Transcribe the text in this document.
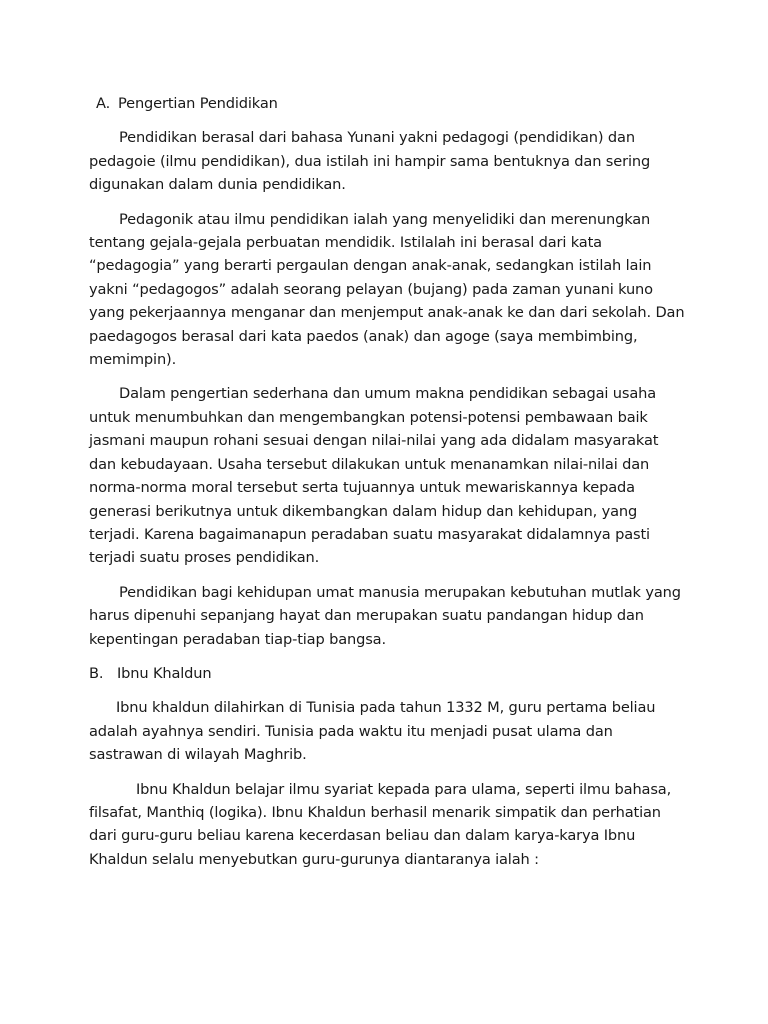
A. Pengertian Pendidikan
Pendidikan berasal dari bahasa Yunani yakni pedagogi (pendidikan) dan
pedagoie (ilmu pendidikan), dua istilah ini hampir sama bentuknya dan sering
digunakan dalam dunia pendidikan.
Pedagonik atau ilmu pendidikan ialah yang menyelidiki dan merenungkan
tentang gejala-gejala perbuatan mendidik. Istilalah ini berasal dari kata
“pedagogia” yang berarti pergaulan dengan anak-anak, sedangkan istilah lain
yakni “pedagogos” adalah seorang pelayan (bujang) pada zaman yunani kuno
yang pekerjaannya menganar dan menjemput anak-anak ke dan dari sekolah. Dan
paedagogos berasal dari kata paedos (anak) dan agoge (saya membimbing,
memimpin).
Dalam pengertian sederhana dan umum makna pendidikan sebagai usaha
untuk menumbuhkan dan mengembangkan potensi-potensi pembawaan baik
jasmani maupun rohani sesuai dengan nilai-nilai yang ada didalam masyarakat
dan kebudayaan. Usaha tersebut dilakukan untuk menanamkan nilai-nilai dan
norma-norma moral tersebut serta tujuannya untuk mewariskannya kepada
generasi berikutnya untuk dikembangkan dalam hidup dan kehidupan, yang
terjadi. Karena bagaimanapun peradaban suatu masyarakat didalamnya pasti
terjadi suatu proses pendidikan.
Pendidikan bagi kehidupan umat manusia merupakan kebutuhan mutlak yang
harus dipenuhi sepanjang hayat dan merupakan suatu pandangan hidup dan
kepentingan peradaban tiap-tiap bangsa.
B. Ibnu Khaldun
Ibnu khaldun dilahirkan di Tunisia pada tahun 1332 M, guru pertama beliau
adalah ayahnya sendiri. Tunisia pada waktu itu menjadi pusat ulama dan
sastrawan di wilayah Maghrib.
Ibnu Khaldun belajar ilmu syariat kepada para ulama, seperti ilmu bahasa,
filsafat, Manthiq (logika). Ibnu Khaldun berhasil menarik simpatik dan perhatian
dari guru-guru beliau karena kecerdasan beliau dan dalam karya-karya Ibnu
Khaldun selalu menyebutkan guru-gurunya diantaranya ialah :
